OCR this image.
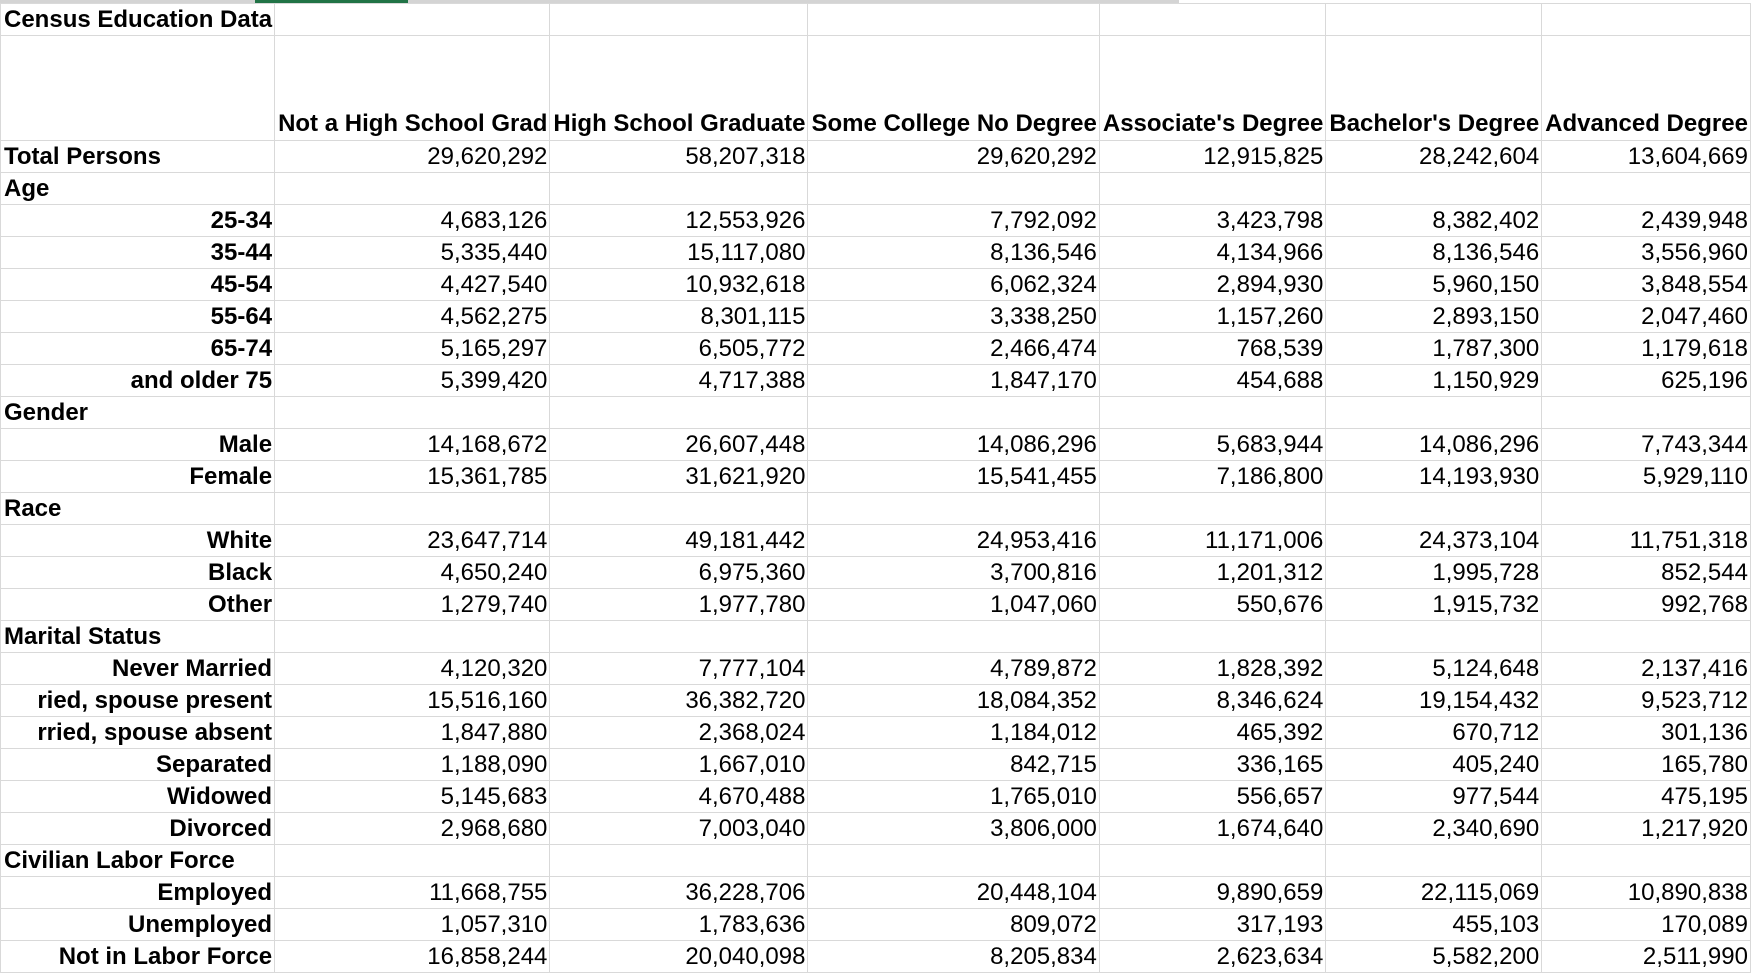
Census Education Data						
	Not a High School Grad	High School Graduate	Some College No Degree	Associate's Degree	Bachelor's Degree	Advanced Degree
Total Persons	29,620,292	58,207,318	29,620,292	12,915,825	28,242,604	13,604,669
Age						
25-34	4,683,126	12,553,926	7,792,092	3,423,798	8,382,402	2,439,948
35-44	5,335,440	15,117,080	8,136,546	4,134,966	8,136,546	3,556,960
45-54	4,427,540	10,932,618	6,062,324	2,894,930	5,960,150	3,848,554
55-64	4,562,275	8,301,115	3,338,250	1,157,260	2,893,150	2,047,460
65-74	5,165,297	6,505,772	2,466,474	768,539	1,787,300	1,179,618
75 and older	5,399,420	4,717,388	1,847,170	454,688	1,150,929	625,196
Gender						
Male	14,168,672	26,607,448	14,086,296	5,683,944	14,086,296	7,743,344
Female	15,361,785	31,621,920	15,541,455	7,186,800	14,193,930	5,929,110
Race						
White	23,647,714	49,181,442	24,953,416	11,171,006	24,373,104	11,751,318
Black	4,650,240	6,975,360	3,700,816	1,201,312	1,995,728	852,544
Other	1,279,740	1,977,780	1,047,060	550,676	1,915,732	992,768
Marital Status						
Never Married	4,120,320	7,777,104	4,789,872	1,828,392	5,124,648	2,137,416
ried, spouse present	15,516,160	36,382,720	18,084,352	8,346,624	19,154,432	9,523,712
rried, spouse absent	1,847,880	2,368,024	1,184,012	465,392	670,712	301,136
Separated	1,188,090	1,667,010	842,715	336,165	405,240	165,780
Widowed	5,145,683	4,670,488	1,765,010	556,657	977,544	475,195
Divorced	2,968,680	7,003,040	3,806,000	1,674,640	2,340,690	1,217,920
Civilian Labor Force						
Employed	11,668,755	36,228,706	20,448,104	9,890,659	22,115,069	10,890,838
Unemployed	1,057,310	1,783,636	809,072	317,193	455,103	170,089
Not in Labor Force	16,858,244	20,040,098	8,205,834	2,623,634	5,582,200	2,511,990
